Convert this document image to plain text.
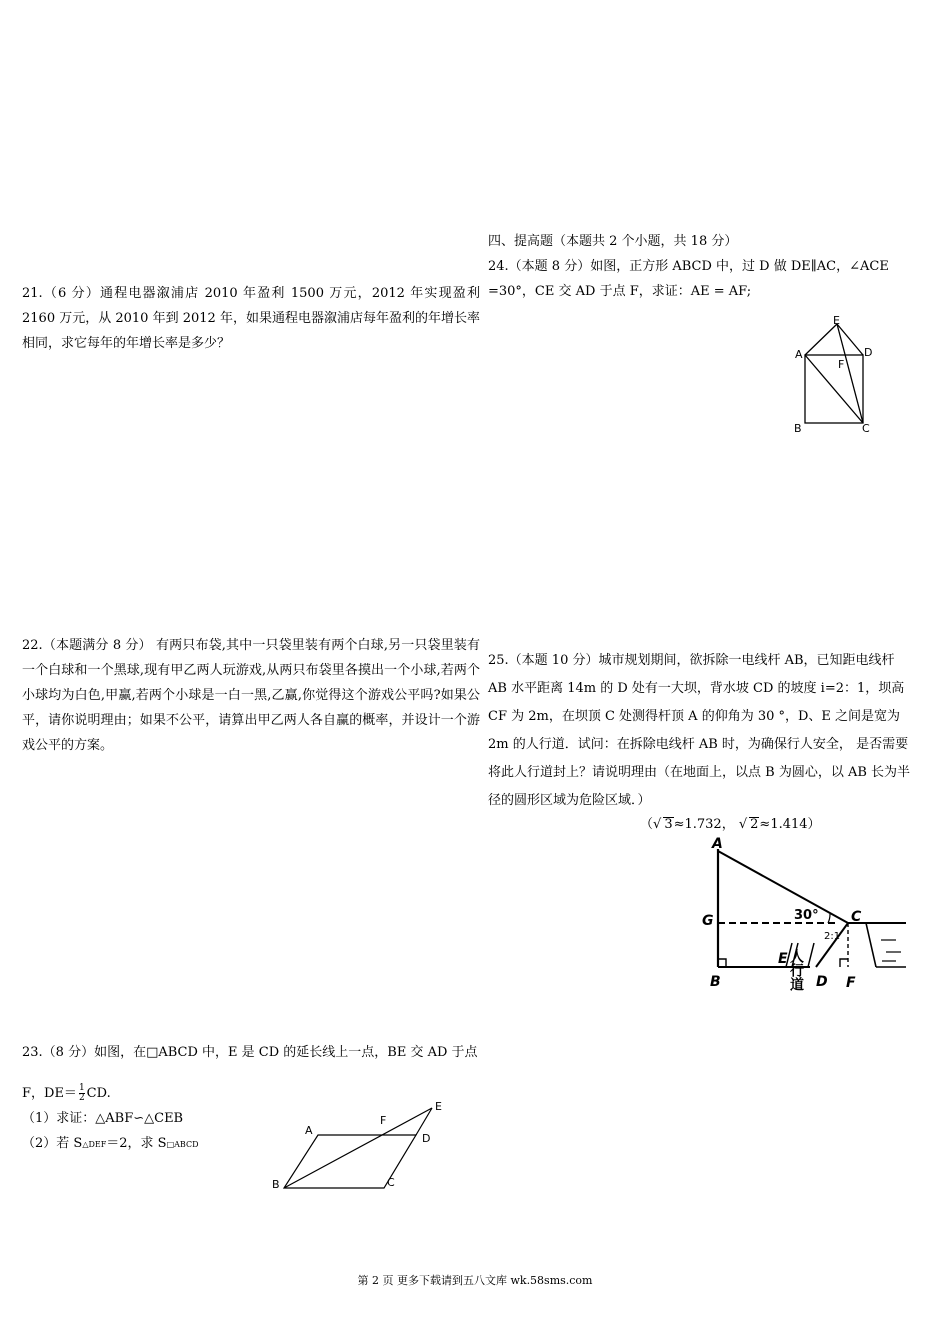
四、提高题（本题共 2 个小题，共 18 分）

24.（本题 8 分）如图，正方形 ABCD 中，过 D 做 DE∥AC，∠ACE =30°，CE 交 AD 于点 F，求证：AE = AF;

E
A	D
F
B	C

21.（6 分）通程电器溆浦店 2010 年盈利 1500 万元，2012 年实现盈利 2160 万元，从 2010 年到 2012 年，如果通程电器溆浦店每年盈利的年增长率相同，求它每年的年增长率是多少？

22.（本题满分 8 分） 有两只布袋,其中一只袋里装有两个白球,另一只袋里装有一个白球和一个黑球,现有甲乙两人玩游戏,从两只布袋里各摸出一个小球,若两个小球均为白色,甲赢,若两个小球是一白一黑,乙赢,你觉得这个游戏公平吗?如果公平，请你说明理由；如果不公平，请算出甲乙两人各自赢的概率，并设计一个游戏公平的方案。

25.（本题 10 分）城市规划期间，欲拆除一电线杆 AB，已知距电线杆 AB 水平距离 14m 的 D 处有一大坝，背水坡 CD 的坡度 i=2：1，坝高 CF 为 2m，在坝顶 C 处测得杆顶 A 的仰角为 30 °，D、E 之间是宽为 2m 的人行道．试问：在拆除电线杆 AB 时，为确保行人安全， 是否需要将此人行道封上？请说明理由（在地面上，以点 B 为圆心，以 AB 长为半径的圆形区域为危险区域．）

（√ 3≈1.732， √ 2≈1.414）

A
G
B
C
E
D F
30°
2:1
人行道

23.（8 分）如图，在□ABCD 中，E 是 CD 的延长线上一点，BE 交 AD 于点

F，$DE= \frac{1}{2}$ CD.

（1）求证：△ABF∽△CEB

（2）若 S△DEF＝2，求 S□ABCD

A
B	C
D
E
F
第 2 页 更多下载请到五八文库 wk.58sms.com
